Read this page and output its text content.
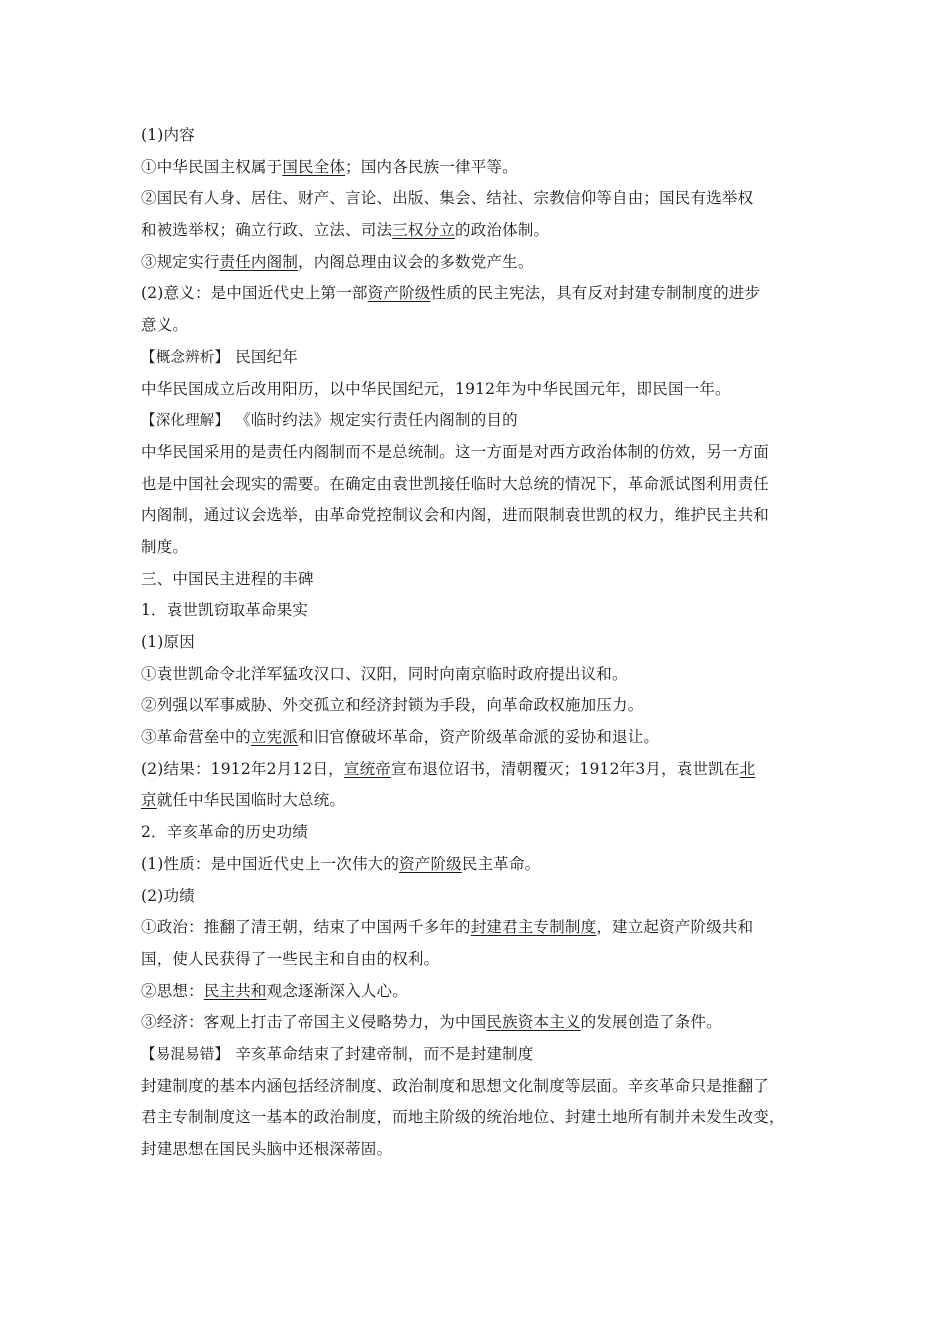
(1)内容
①中华民国主权属于国民全体；国内各民族一律平等。
②国民有人身、居住、财产、言论、出版、集会、结社、宗教信仰等自由；国民有选举权
和被选举权；确立行政、立法、司法三权分立的政治体制。
③规定实行责任内阁制，内阁总理由议会的多数党产生。
(2)意义：是中国近代史上第一部资产阶级性质的民主宪法，具有反对封建专制制度的进步
意义。
【概念辨析】 民国纪年
中华民国成立后改用阳历，以中华民国纪元，1912年为中华民国元年，即民国一年。
【深化理解】 《临时约法》规定实行责任内阁制的目的
中华民国采用的是责任内阁制而不是总统制。这一方面是对西方政治体制的仿效，另一方面
也是中国社会现实的需要。在确定由袁世凯接任临时大总统的情况下，革命派试图利用责任
内阁制，通过议会选举，由革命党控制议会和内阁，进而限制袁世凯的权力，维护民主共和
制度。
三、中国民主进程的丰碑
1．袁世凯窃取革命果实
(1)原因
①袁世凯命令北洋军猛攻汉口、汉阳，同时向南京临时政府提出议和。
②列强以军事威胁、外交孤立和经济封锁为手段，向革命政权施加压力。
③革命营垒中的立宪派和旧官僚破坏革命，资产阶级革命派的妥协和退让。
(2)结果：1912年2月12日，宣统帝宣布退位诏书，清朝覆灭；1912年3月，袁世凯在北
京就任中华民国临时大总统。
2．辛亥革命的历史功绩
(1)性质：是中国近代史上一次伟大的资产阶级民主革命。
(2)功绩
①政治：推翻了清王朝，结束了中国两千多年的封建君主专制制度，建立起资产阶级共和
国，使人民获得了一些民主和自由的权利。
②思想：民主共和观念逐渐深入人心。
③经济：客观上打击了帝国主义侵略势力，为中国民族资本主义的发展创造了条件。
【易混易错】 辛亥革命结束了封建帝制，而不是封建制度
封建制度的基本内涵包括经济制度、政治制度和思想文化制度等层面。辛亥革命只是推翻了
君主专制制度这一基本的政治制度，而地主阶级的统治地位、封建土地所有制并未发生改变，
封建思想在国民头脑中还根深蒂固。
